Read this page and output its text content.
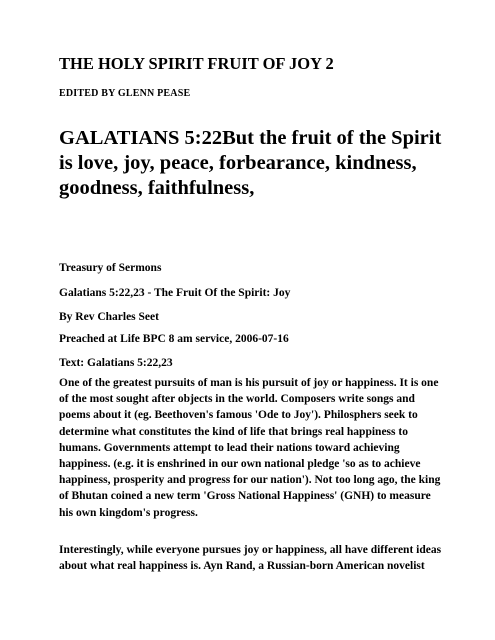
THE HOLY SPIRIT FRUIT OF JOY 2
EDITED BY GLENN PEASE
GALATIANS 5:22But the fruit of the Spirit is love, joy, peace, forbearance, kindness, goodness, faithfulness,
Treasury of Sermons
Galatians 5:22,23 - The Fruit Of the Spirit: Joy
By Rev Charles Seet
Preached at Life BPC 8 am service, 2006-07-16
Text: Galatians 5:22,23
One of the greatest pursuits of man is his pursuit of joy or happiness. It is one of the most sought after objects in the world. Composers write songs and poems about it (eg. Beethoven's famous 'Ode to Joy'). Philosphers seek to determine what constitutes the kind of life that brings real happiness to humans. Governments attempt to lead their nations toward achieving happiness. (e.g. it is enshrined in our own national pledge 'so as to achieve happiness, prosperity and progress for our nation'). Not too long ago, the king of Bhutan coined a new term 'Gross National Happiness' (GNH) to measure his own kingdom's progress.
Interestingly, while everyone pursues joy or happiness, all have different ideas about what real happiness is. Ayn Rand, a Russian-born American novelist
